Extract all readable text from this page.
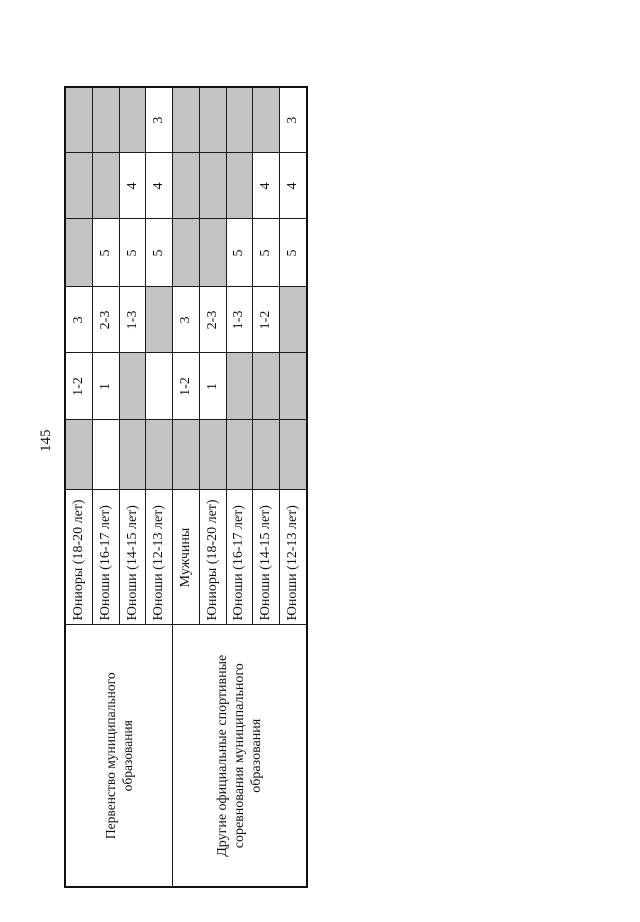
145
Первенство муниципального образования	Юниоры (18-20 лет)		1-2	3			
	Юноши (16-17 лет)		1	2-3	5		
	Юноши (14-15 лет)			1-3	5	4	
	Юноши (12-13 лет)				5	4	3
Другие официальные спортивные соревнования муниципального образования	Мужчины		1-2	3			
	Юниоры (18-20 лет)		1	2-3			
	Юноши (16-17 лет)			1-3	5		
	Юноши (14-15 лет)			1-2	5	4	
	Юноши (12-13 лет)				5	4	3
